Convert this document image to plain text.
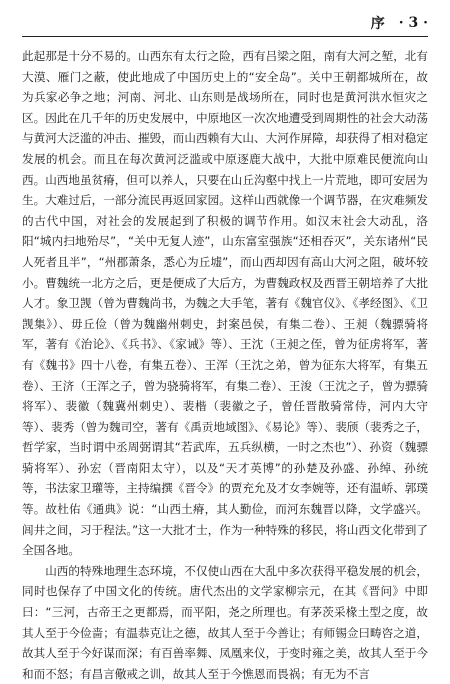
序 · 3 ·

此起那是十分不易的。山西东有太行之险，西有吕梁之阻，南有大河之堑，北有大漠、雁门之蔽，使此地成了中国历史上的“安全岛”。关中王朝都城所在，故为兵家必争之地；河南、河北、山东则是战场所在，同时也是黄河洪水恒灾之区。因此在几千年的历史发展中，中原地区一次次地遭受到周期性的社会大动荡与黄河大泛滥的冲击、摧毁，而山西赖有大山、大河作屏障，却获得了相对稳定发展的机会。而且在每次黄河泛滥或中原逐鹿大战中，大批中原难民便流向山西。山西地虽贫瘠，但可以养人，只要在山丘沟壑中找上一片荒地，即可安居为生。大难过后，一部分流民再返回家园。这样山西就像一个调节器，在灾难频发的古代中国，对社会的发展起到了积极的调节作用。如汉末社会大动乱，洛阳“城内扫地殆尽”，“关中无复人迹”，山东富室强族“还相吞灭”，关东诸州“民人死者且半”，“州郡萧条，悉心为丘墟”，而山西却因有高山大河之阻，破坏较小。曹魏统一北方之后，更是便成了大后方，为曹魏政权及西晋王朝培养了大批人才。象卫觊（曾为曹魏尚书，为魏之大手笔，著有《魏官仪》、《孝经图》、《卫觊集》）、毋丘俭（曾为魏幽州刺史，封案邑侯，有集二卷）、王昶（魏骠骑将军，著有《治论》、《兵书》、《家诫》等）、王沈（王昶之侄，曾为征虏将军，著有《魏书》四十八卷，有集五卷）、王浑（王沈之弟，曾为征东大将军，有集五卷）、王济（王浑之子，曾为骁骑将军，有集二卷）、王浚（王沈之子，曾为骠骑将军）、裴徽（魏冀州刺史）、裴楷（裴徽之子，曾任晋散骑常侍，河内大守等）、裴秀（曾为魏司空，著有《禹贡地域图》、《易论》等）、裴颀（裴秀之子，哲学家，当时谓中丞周弼谓其“若武库，五兵纵横，一时之杰也”）、孙资（魏骠骑将军）、孙宏（晋南阳太守），以及“天才英博”的孙楚及孙盛、孙绰、孙统等，书法家卫瓘等，主持编撰《晋令》的贾充允及才女李婉等，还有温峤、郭璞等。故杜佑《通典》说：“山西土瘠，其人勤俭，而河东魏晋以降，文学盛兴。闾井之间，习于程法。”这一大批才士，作为一种特殊的移民，将山西文化带到了全国各地。

山西的特殊地理生态环境，不仅使山西在大乱中多次获得平稳发展的机会，同时也保存了中国文化的传统。唐代杰出的文学家柳宗元，在其《晋问》中即曰：“三河，古帝王之更都焉，而平阳，尧之所理也。有茅茨采椽土型之度，故其人至于今俭啬；有温恭克让之德，故其人至于今善让；有师锡佥曰畴咨之道，故其人至于今好谋而深；有百兽率舞、凤凰来仪，于变时雍之美，故其人至于今和而不怒；有昌言儆戒之训，故其人至于今憔恩而畏祸；有无为不言
